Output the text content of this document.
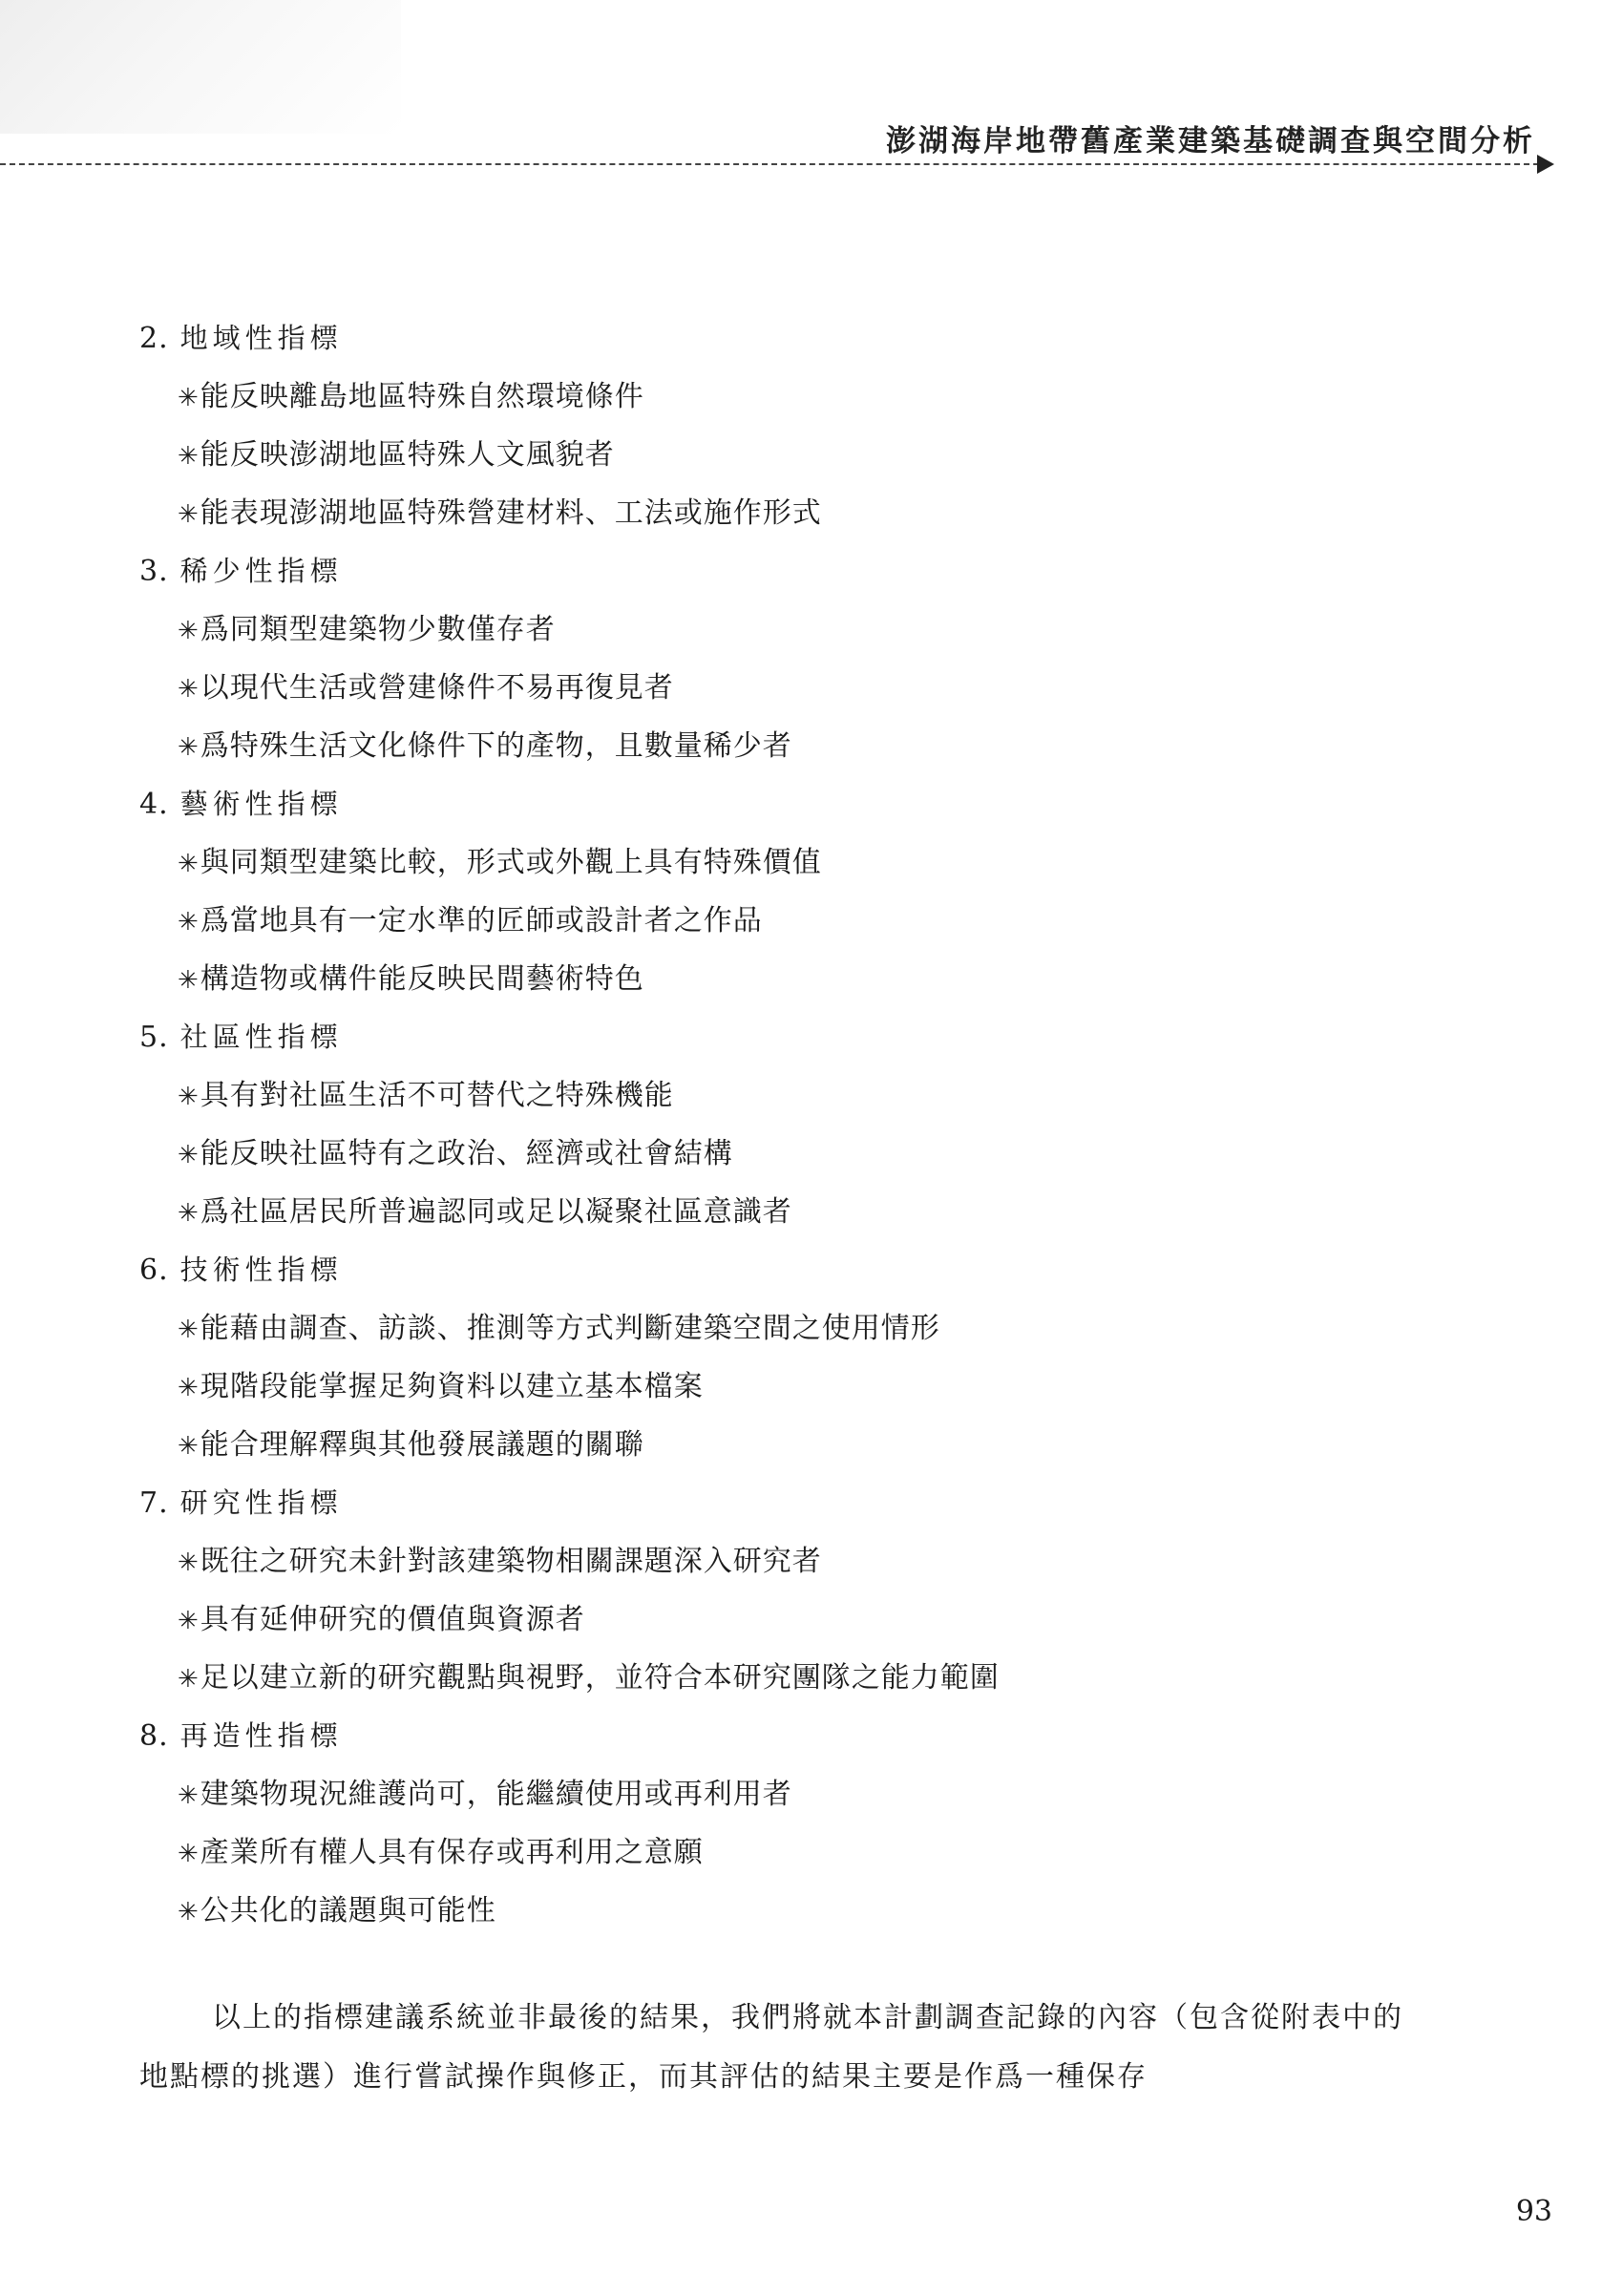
澎湖海岸地帶舊產業建築基礎調查與空間分析
2. 地域性指標
✳能反映離島地區特殊自然環境條件
✳能反映澎湖地區特殊人文風貌者
✳能表現澎湖地區特殊營建材料、工法或施作形式
3. 稀少性指標
✳爲同類型建築物少數僅存者
✳以現代生活或營建條件不易再復見者
✳爲特殊生活文化條件下的產物，且數量稀少者
4. 藝術性指標
✳與同類型建築比較，形式或外觀上具有特殊價值
✳爲當地具有一定水準的匠師或設計者之作品
✳構造物或構件能反映民間藝術特色
5. 社區性指標
✳具有對社區生活不可替代之特殊機能
✳能反映社區特有之政治、經濟或社會結構
✳爲社區居民所普遍認同或足以凝聚社區意識者
6. 技術性指標
✳能藉由調查、訪談、推測等方式判斷建築空間之使用情形
✳現階段能掌握足夠資料以建立基本檔案
✳能合理解釋與其他發展議題的關聯
7. 研究性指標
✳既往之研究未針對該建築物相關課題深入研究者
✳具有延伸研究的價值與資源者
✳足以建立新的研究觀點與視野，並符合本研究團隊之能力範圍
8. 再造性指標
✳建築物現況維護尚可，能繼續使用或再利用者
✳產業所有權人具有保存或再利用之意願
✳公共化的議題與可能性

以上的指標建議系統並非最後的結果，我們將就本計劃調查記錄的內容（包含從附表中的地點標的挑選）進行嘗試操作與修正，而其評估的結果主要是作爲一種保存

93
